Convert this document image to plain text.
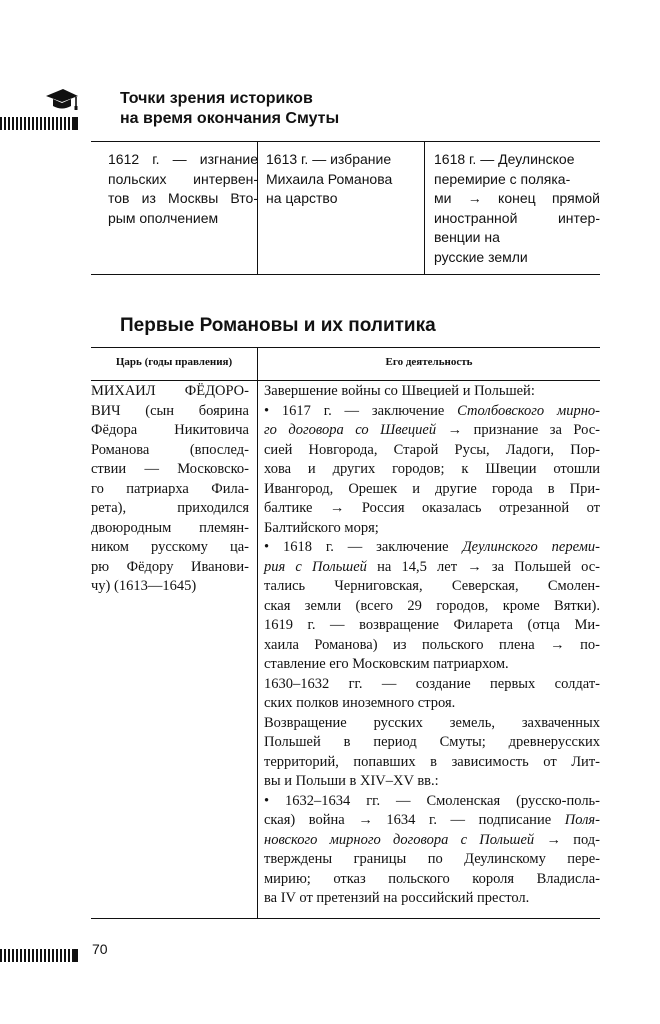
Точки зрения историков
на время окончания Смуты
1612 г. — изгнание
польских интервен-
тов из Москвы Вто-
рым ополчением
1613 г. — избрание
Михаила Романова
на царство
1618 г. — Деулинское
перемирие с поляка-
ми → конец прямой
иностранной интер-
венции на
русские земли
Первые Романовы и их политика
Царь (годы правления)	Его деятельность
МИХАИЛ ФЁДОРО-
ВИЧ (сын боярина
Фёдора Никитовича
Романова (впослед-
ствии — Московско-
го патриарха Фила-
рета), приходился
двоюродным племян-
ником русскому ца-
рю Фёдору Иванови-
чу) (1613—1645)
Завершение войны со Швецией и Польшей:
• 1617 г. — заключение Столбовского мирно-
го договора со Швецией → признание за Рос-
сией Новгорода, Старой Русы, Ладоги, Пор-
хова и других городов; к Швеции отошли
Ивангород, Орешек и другие города в При-
балтике → Россия оказалась отрезанной от
Балтийского моря;
• 1618 г. — заключение Деулинского переми-
рия с Польшей на 14,5 лет → за Польшей ос-
тались Черниговская, Северская, Смолен-
ская земли (всего 29 городов, кроме Вятки).
1619 г. — возвращение Филарета (отца Ми-
хаила Романова) из польского плена → по-
ставление его Московским патриархом.
1630–1632 гг. — создание первых солдат-
ских полков иноземного строя.
Возвращение русских земель, захваченных
Польшей в период Смуты; древнерусских
территорий, попавших в зависимость от Лит-
вы и Польши в XIV–XV вв.:
• 1632–1634 гг. — Смоленская (русско-поль-
ская) война → 1634 г. — подписание Поля-
новского мирного договора с Польшей → под-
тверждены границы по Деулинскому пере-
мирию; отказ польского короля Владисла-
ва IV от претензий на российский престол.
70
